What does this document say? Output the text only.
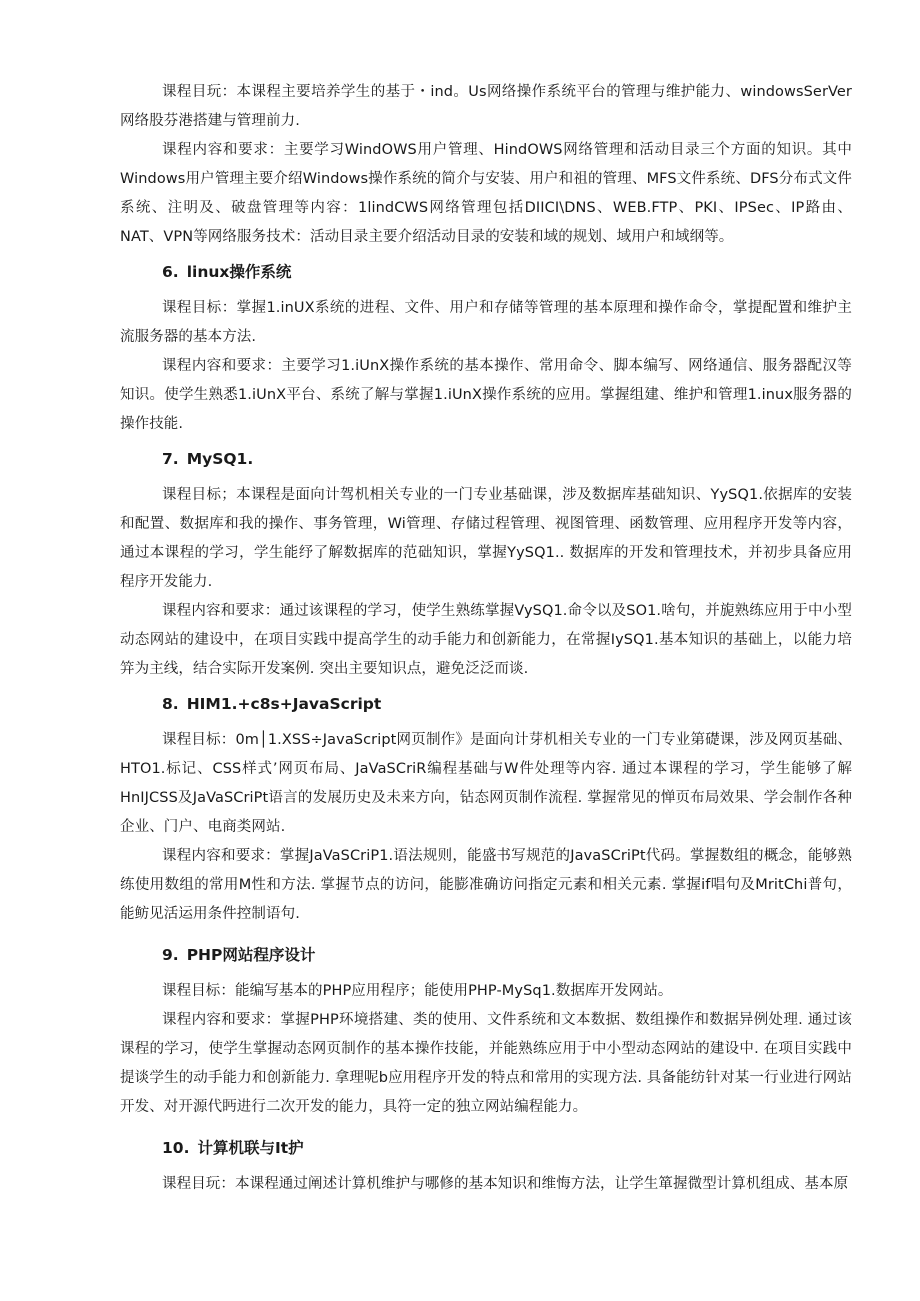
课程目玩：本课程主要培养学生的基于・ind。Us网络操作系统平台的管理与维护能力、windowsSerVer网络股芬港搭建与管理前力.

课程内容和要求：主要学习WindOWS用户管理、HindOWS网络管理和活动目录三个方面的知识。其中Windows用户管理主要介绍Windows操作系统的简介与安装、用户和祖的管理、MFS文件系统、DFS分布式文件系统、注明及、破盘管理等内容：1lindCWS网络管理包括DIICI\DNS、WEB.FTP、PKI、IPSec、IP路由、NAT、VPN等网络服务技术：活动目录主要介绍活动目录的安装和域的规划、域用户和域纲等。

6. linux操作系统

课程目标：掌握1.inUX系统的进程、文件、用户和存储等管理的基本原理和操作命令，掌提配置和维护主流服务器的基本方法.

课程内容和要求：主要学习1.iUnX操作系统的基本操作、常用命令、脚本编写、网络通信、服务器配汉等知识。使学生熟悉1.iUnX平台、系统了解与掌握1.iUnX操作系统的应用。掌握组建、维护和管理1.inux服务器的操作技能.

7. MySQ1.

课程目标；本课程是面向计驾机相关专业的一门专业基础课，涉及数据库基础知识、YySQ1.依据库的安装和配置、数据库和我的操作、事务管理，Wi管理、存储过程管理、视图管理、函数管理、应用程序开发等内容，通过本课程的学习，学生能纾了解数据库的范础知识，掌握YySQ1.. 数据库的开发和管理技术，并初步具备应用程序开发能力.

课程内容和要求：通过该课程的学习，使学生熟练掌握VySQ1.命令以及SO1.啥句，并旎熟练应用于中小型动态网站的建设中，在项目实践中提高学生的动手能力和创新能力，在常握IySQ1.基本知识的基础上，以能力培笄为主线，结合实际开发案例. 突出主要知识点，避免泛泛而谈.

8. HIM1.+c8s+JavaScript

课程目标：0m│1.XSS÷JavaScript网页制作》是面向计芽机相关专业的一门专业第礎课，涉及网页基础、HTO1.标记、CSS样式’网页布局、JaVaSCriR编程基础与W件处理等内容. 通过本课程的学习，学生能够了解HnIJCSS及JaVaSCriPt语言的发展历史及未来方向，钻态网页制作流程. 掌握常见的惮页布局效果、学会制作各种企业、门户、电商类网站.

课程内容和要求：掌握JaVaSCriP1.语法规则，能盛书写规范的JavaSCriPt代码。掌握数组的概念，能够熟练使用数组的常用M性和方法. 掌握节点的访问，能膨准确访问指定元素和相关元素. 掌握if唱句及MritChi普句，能鲂见活运用条件控制语句.

9. PHP网站程序设计

课程目标：能编写基本的PHP应用程序；能使用PHP-MySq1.数据库开发网站。

课程内容和要求：掌握PHP环境搭建、类的使用、文件系统和文本数据、数组操作和数据异例处理. 通过该课程的学习，使学生掌握动态网页制作的基本操作技能，并能熟练应用于中小型动态网站的建设中. 在项目实践中提谈学生的动手能力和创新能力. 拿理呢b应用程序开发的特点和常用的实现方法. 具备能纺针对某一行业进行网站开发、对开源代眄进行二次开发的能力，具符一定的独立网站编程能力。

10. 计算机联与It护

课程目玩：本课程通过阐述计算机维护与哪修的基本知识和维悔方法，让学生箪握微型计算机组成、基本原
